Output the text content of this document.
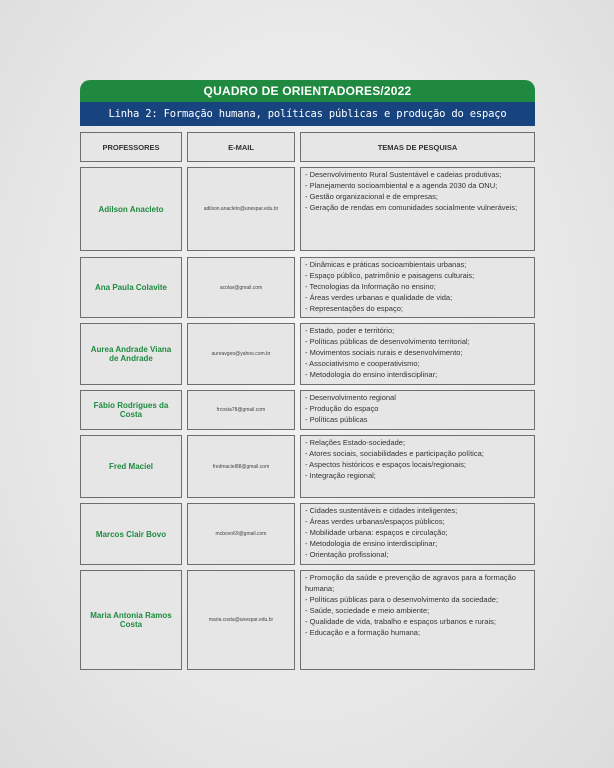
QUADRO DE ORIENTADORES/2022
Linha 2: Formação humana, políticas públicas e produção do espaço
PROFESSORES	E-MAIL	TEMAS DE PESQUISA
Adilson Anacleto	adilson.anacleto@unespar.edu.br
- Desenvolvimento Rural Sustentável e cadeias produtivas;
- Planejamento socioambiental e a agenda 2030 da ONU;
- Gestão organizacional e de empresas;
- Geração de rendas em comunidades socialmente vulneráveis;
Ana Paula Colavite	acolav@gmail.com
- Dinâmicas e práticas socioambientais urbanas;
- Espaço público, patrimônio e paisagens culturais;
- Tecnologias da Informação no ensino;
- Áreas verdes urbanas e qualidade de vida;
- Representações do espaço;
Aurea Andrade Viana de Andrade	aureavgeo@yahoo.com.br
- Estado, poder e território;
- Políticas públicas de desenvolvimento territorial;
- Movimentos sociais rurais e desenvolvimento;
- Associativismo e cooperativismo;
- Metodologia do ensino interdisciplinar;
Fábio Rodrigues da Costa	frcosta78@gmail.com
- Desenvolvimento regional
- Produção do espaço
- Políticas públicas
Fred Maciel	fredmaciel88@gmail.com
- Relações Estado-sociedade;
- Atores sociais, sociabilidades e participação política;
- Aspectos históricos e espaços locais/regionais;
- Integração regional;
Marcos Clair Bovo	mcbovo69@gmail.com
- Cidades sustentáveis e cidades inteligentes;
- Áreas verdes urbanas/espaços públicos;
- Mobilidade urbana: espaços e circulação;
- Metodologia de ensino interdisciplinar;
- Orientação profissional;
Maria Antonia Ramos Costa	maria.costa@unespar.edu.br
- Promoção da saúde e prevenção de agravos para a formação humana;
- Políticas públicas para o desenvolvimento da sociedade;
- Saúde, sociedade e meio ambiente;
- Qualidade de vida, trabalho e espaços urbanos e rurais;
- Educação e a formação humana;
